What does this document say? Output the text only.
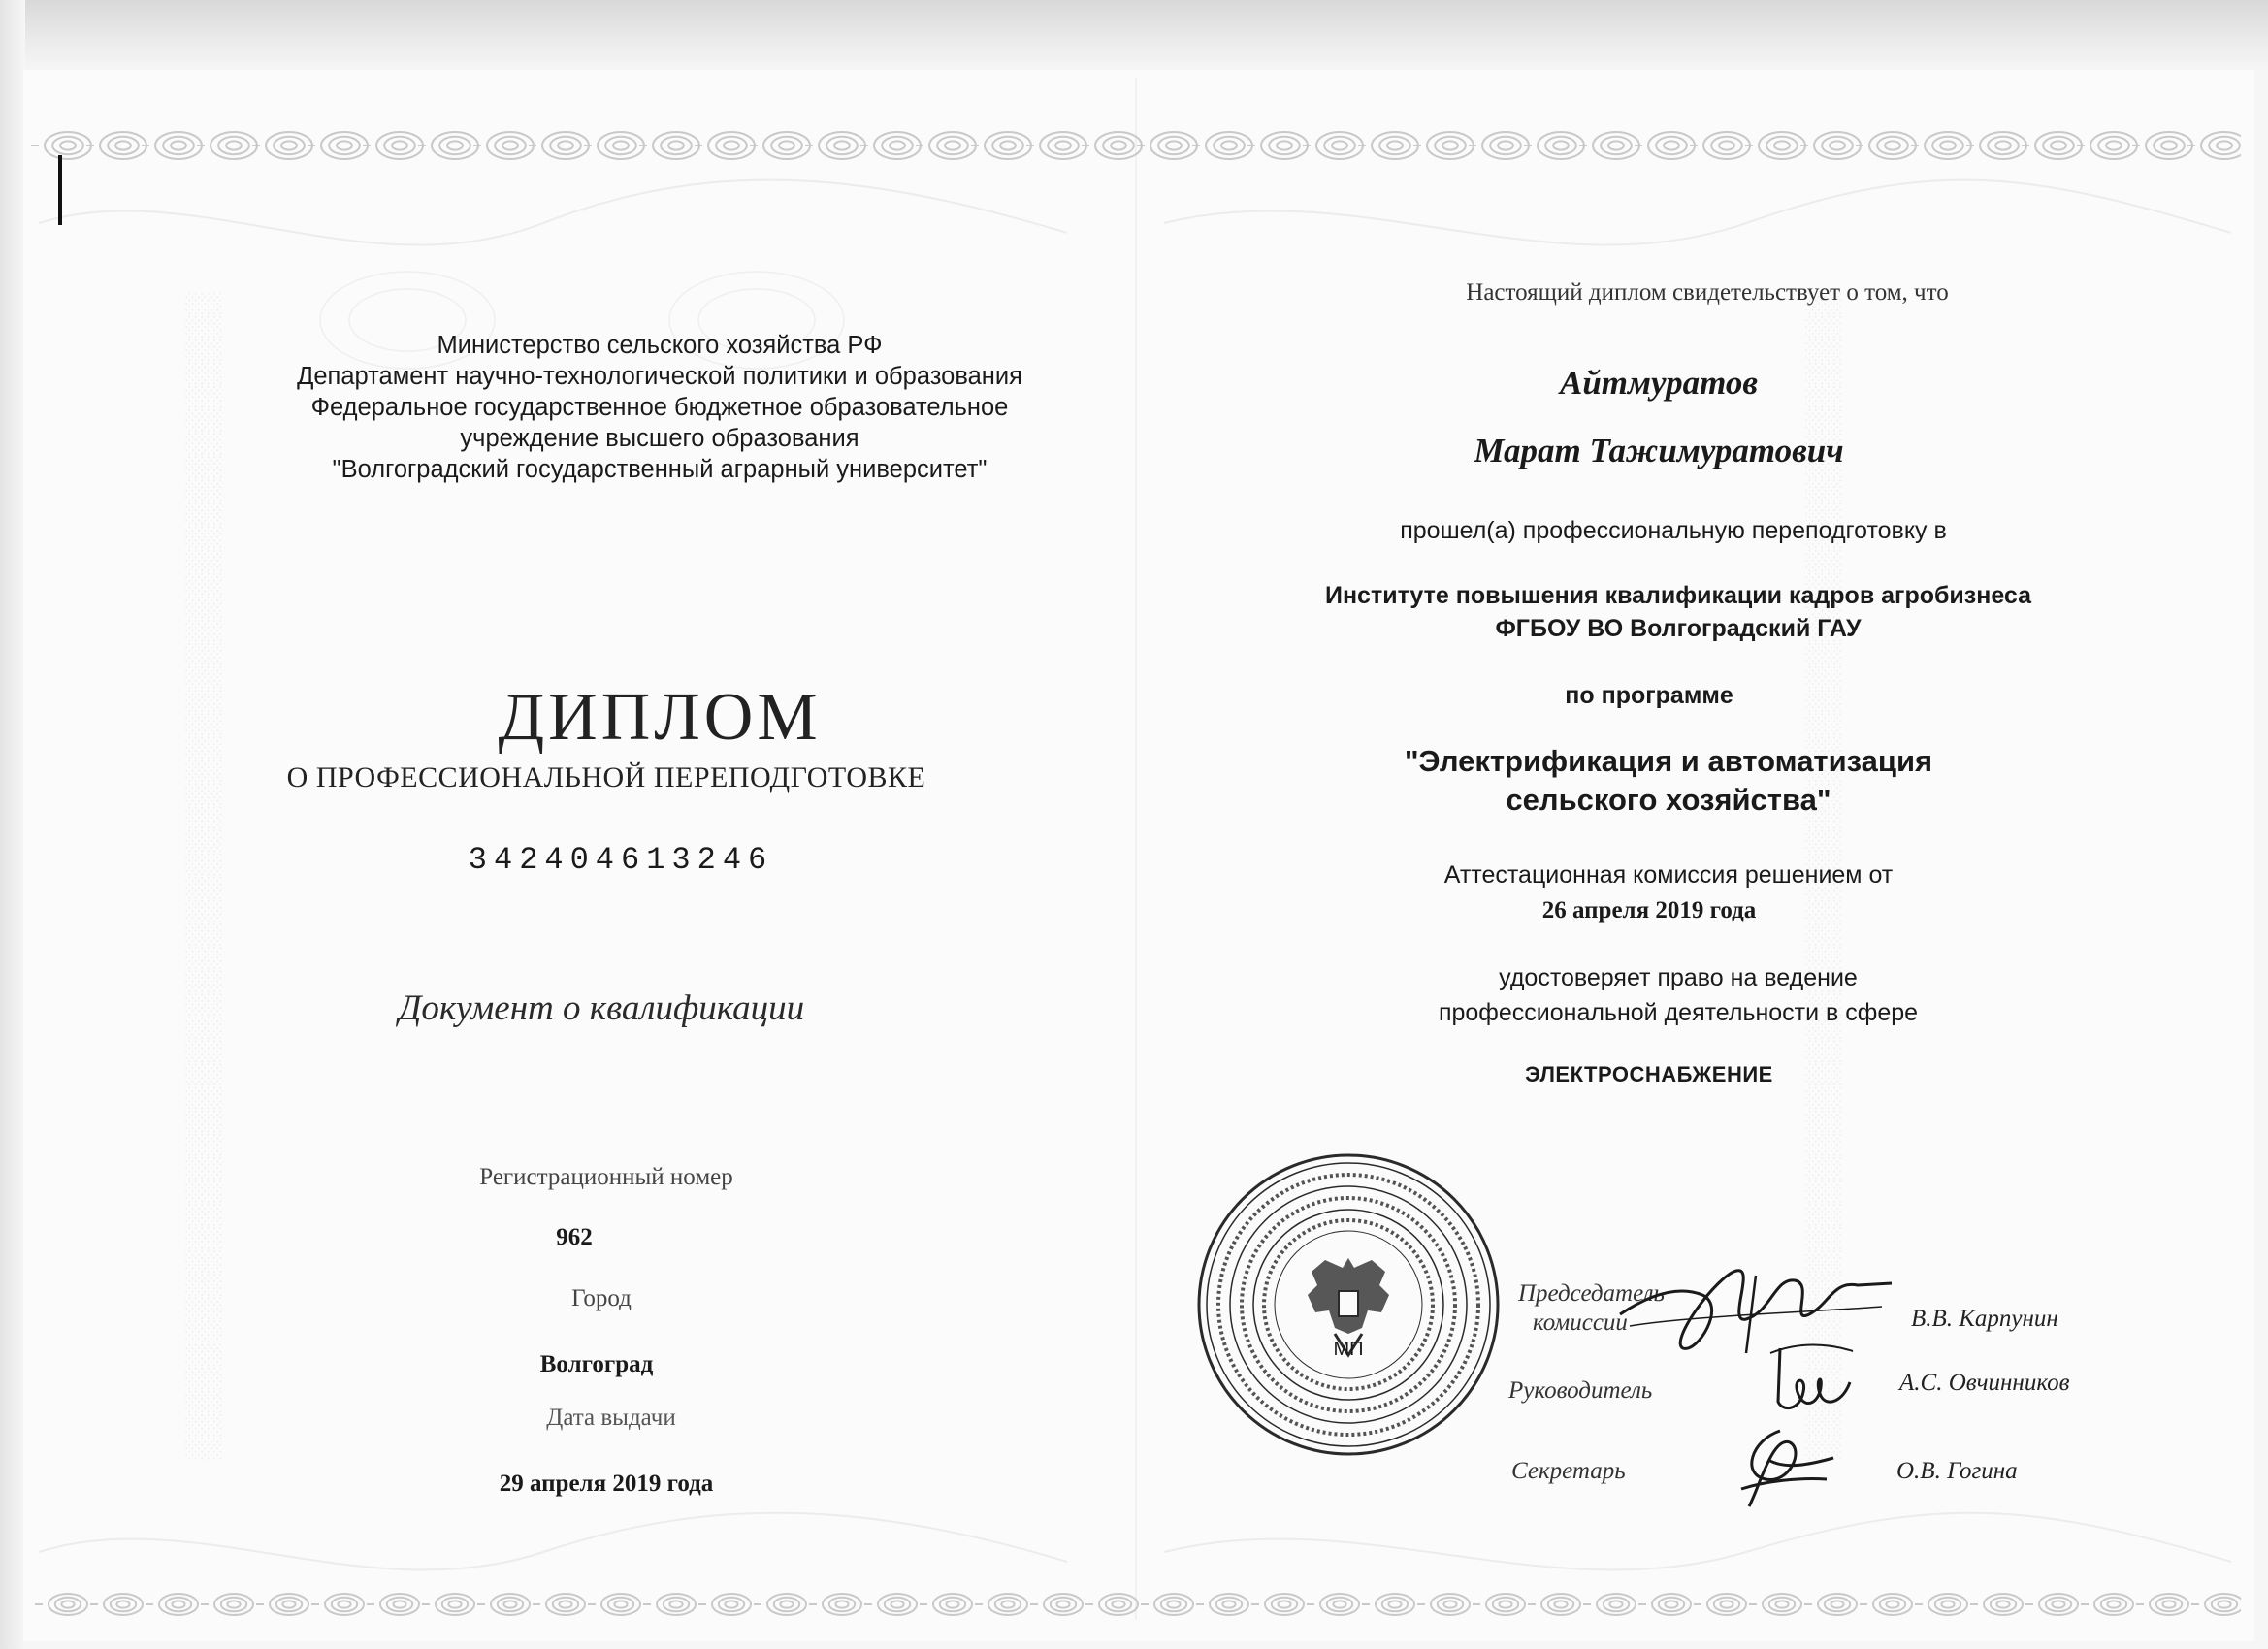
░░░░░░░░░░░░░░░░░░░░░░░░░░░░░░░░░░░░░░░░░░░░░░░░░░	░░░░░░░░░░░░░░░░░░░░░░░░░░░░░░░░░░░░░░░░░░░░░░░░░░
Министерство сельского хозяйства РФ
Департамент научно-технологической политики и образования
Федеральное государственное бюджетное образовательное
учреждение высшего образования
"Волгоградский государственный аграрный университет"
ДИПЛОМ
О ПРОФЕССИОНАЛЬНОЙ ПЕРЕПОДГОТОВКЕ
342404613246
Документ о квалификации
Регистрационный номер
962
Город
Волгоград
Дата выдачи
29 апреля 2019 года
Настоящий диплом свидетельствует о том, что
Айтмуратов
Марат Тажимуратович
прошел(а) профессиональную переподготовку в
Институте повышения квалификации кадров агробизнеса
ФГБОУ ВО Волгоградский ГАУ
по программе
"Электрификация и автоматизация
сельского хозяйства"
Аттестационная комиссия решением от
26 апреля 2019 года
удостоверяет право на ведение
профессиональной деятельности в сфере
ЭЛЕКТРОСНАБЖЕНИЕ
МП
Председатель
комиссии	В.В. Карпунин
Руководитель	А.С. Овчинников
Секретарь	О.В. Гогина
